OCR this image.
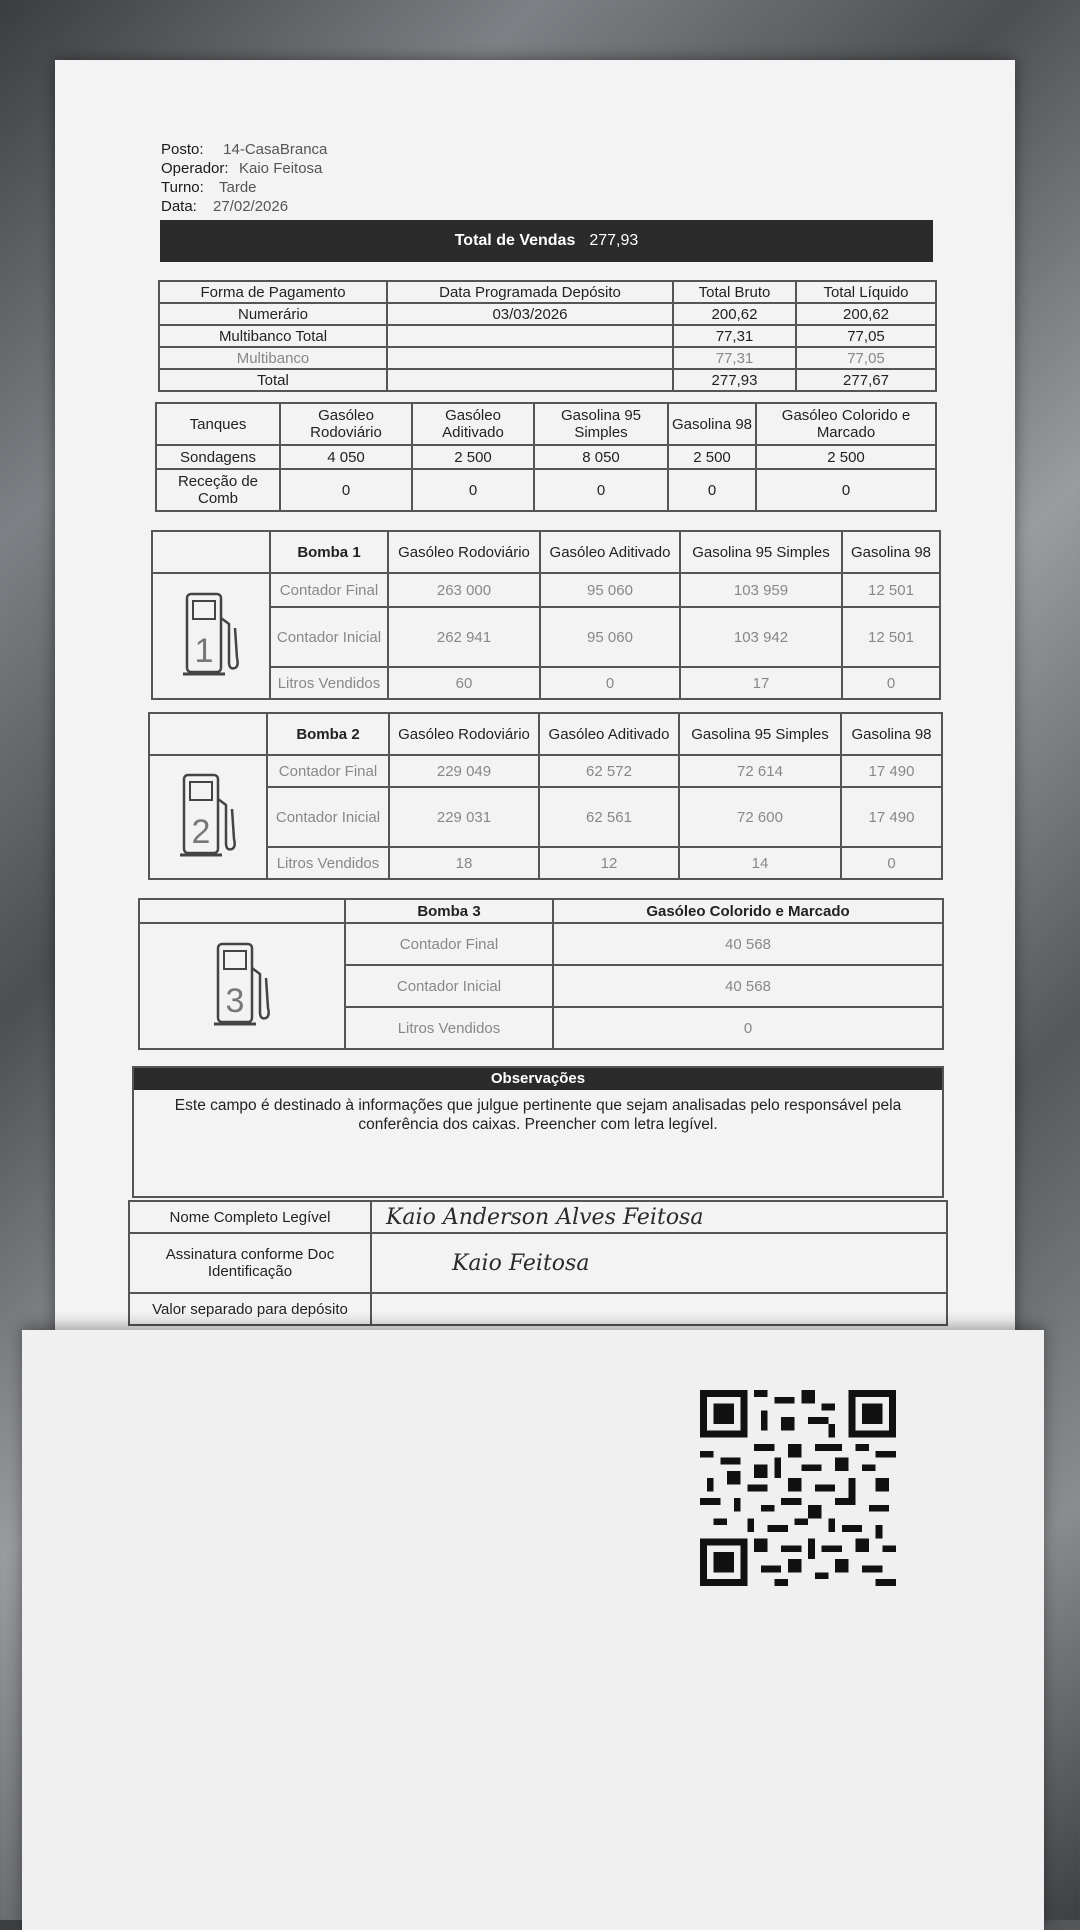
Posto: 14-CasaBranca
Operador: Kaio Feitosa
Turno: Tarde
Data: 27/02/2026
Total de Vendas 277,93
Forma de Pagamento	Data Programada Depósito	Total Bruto	Total Líquido
Numerário	03/03/2026	200,62	200,62
Multibanco Total		77,31	77,05
Multibanco		77,31	77,05
Total		277,93	277,67
Tanques	Gasóleo Rodoviário	Gasóleo Aditivado	Gasolina 95 Simples	Gasolina 98	Gasóleo Colorido e Marcado
Sondagens	4 050	2 500	8 050	2 500	2 500
Receção de Comb	0	0	0	0	0
	Bomba 1	Gasóleo Rodoviário	Gasóleo Aditivado	Gasolina 95 Simples	Gasolina 98

1	Contador Final	263 000	95 060	103 959	12 501
	Contador Inicial	262 941	95 060	103 942	12 501
	Litros Vendidos	60	0	17	0
	Bomba 2	Gasóleo Rodoviário	Gasóleo Aditivado	Gasolina 95 Simples	Gasolina 98

2	Contador Final	229 049	62 572	72 614	17 490
	Contador Inicial	229 031	62 561	72 600	17 490
	Litros Vendidos	18	12	14	0
	Bomba 3	Gasóleo Colorido e Marcado

3	Contador Final	40 568
	Contador Inicial	40 568
	Litros Vendidos	0
Observações
Este campo é destinado à informações que julgue pertinente que sejam analisadas pelo responsável pela conferência dos caixas. Preencher com letra legível.
Nome Completo Legível	Kaio Anderson Alves Feitosa
Assinatura conforme Doc Identificação	Kaio Feitosa
Valor separado para depósito	
